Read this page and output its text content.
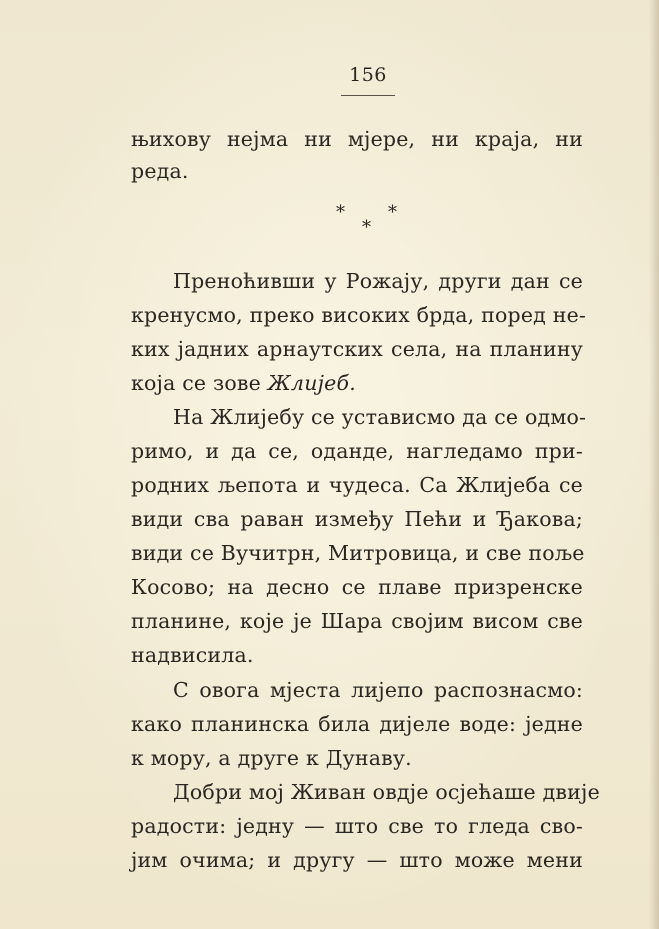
156
њихову нејма ни мјере, ни краја, ни
реда.
* *
*
Преноћивши у Рожају, други дан се
кренусмо, преко високих брда, поред не-
ких јадних арнаутских села, на планину
која се зове Жлијеб.
На Жлијебу се устависмо да се одмо-
римо, и да се, оданде, нагледамо при-
родних љепота и чудеса. Са Жлијеба се
види сва раван између Пећи и Ђакова;
види се Вучитрн, Митровица, и све поље
Косово; на десно се плаве призренске
планине, које је Шара својим висом све
надвисила.
С овога мјеста лијепо распознасмо:
како планинска била дијеле воде: једне
к мору, а друге к Дунаву.
Добри мој Живан овдје осјећаше двије
радости: једну — што све то гледа сво-
јим очима; и другу — што може мени
